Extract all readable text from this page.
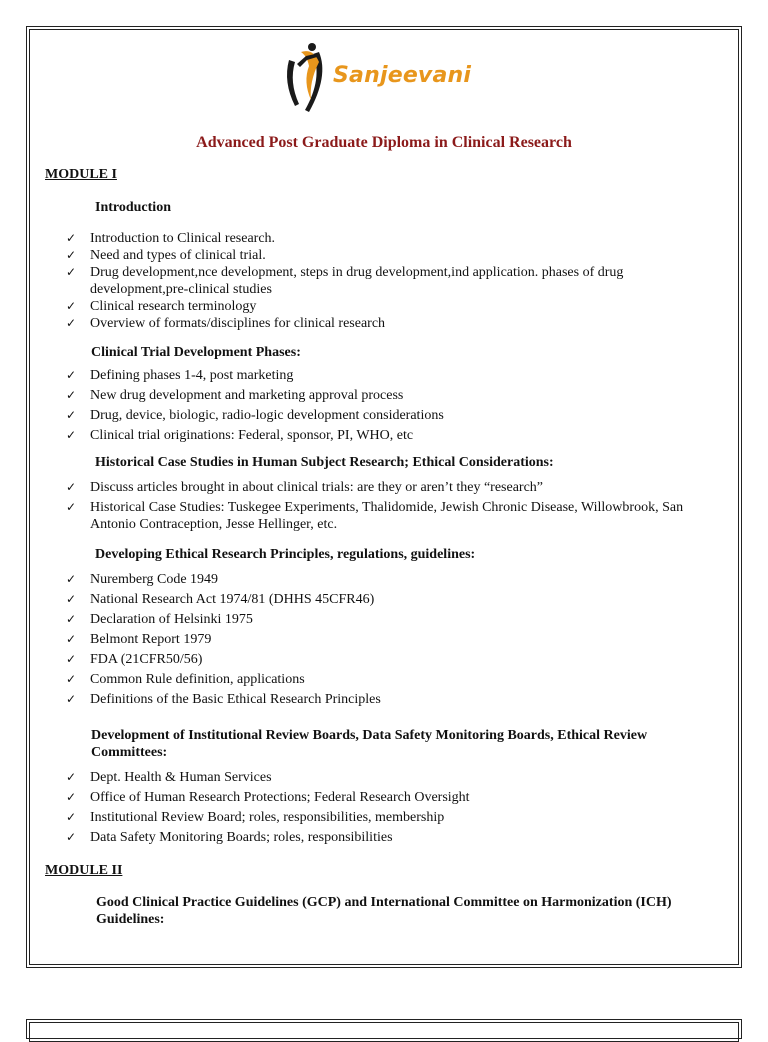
Sanjeevani
Advanced Post Graduate Diploma in Clinical Research
MODULE I
Introduction
✓ Introduction to Clinical research.
✓ Need and types of clinical trial.
✓ Drug development,nce development, steps in drug development,ind application. phases of drug development,pre-clinical studies
✓ Clinical research terminology
✓ Overview of formats/disciplines for clinical research
Clinical Trial Development Phases:
✓ Defining phases 1-4, post marketing
✓ New drug development and marketing approval process
✓ Drug, device, biologic, radio-logic development considerations
✓ Clinical trial originations: Federal, sponsor, PI, WHO, etc
Historical Case Studies in Human Subject Research; Ethical Considerations:
✓ Discuss articles brought in about clinical trials: are they or aren’t they “research”
✓ Historical Case Studies: Tuskegee Experiments, Thalidomide, Jewish Chronic Disease, Willowbrook, San Antonio Contraception, Jesse Hellinger, etc.
Developing Ethical Research Principles, regulations, guidelines:
✓ Nuremberg Code 1949
✓ National Research Act 1974/81 (DHHS 45CFR46)
✓ Declaration of Helsinki 1975
✓ Belmont Report 1979
✓ FDA (21CFR50/56)
✓ Common Rule definition, applications
✓ Definitions of the Basic Ethical Research Principles
Development of Institutional Review Boards, Data Safety Monitoring Boards, Ethical Review Committees:
✓ Dept. Health & Human Services
✓ Office of Human Research Protections; Federal Research Oversight
✓ Institutional Review Board; roles, responsibilities, membership
✓ Data Safety Monitoring Boards; roles, responsibilities
MODULE II
Good Clinical Practice Guidelines (GCP) and International Committee on Harmonization (ICH) Guidelines:
